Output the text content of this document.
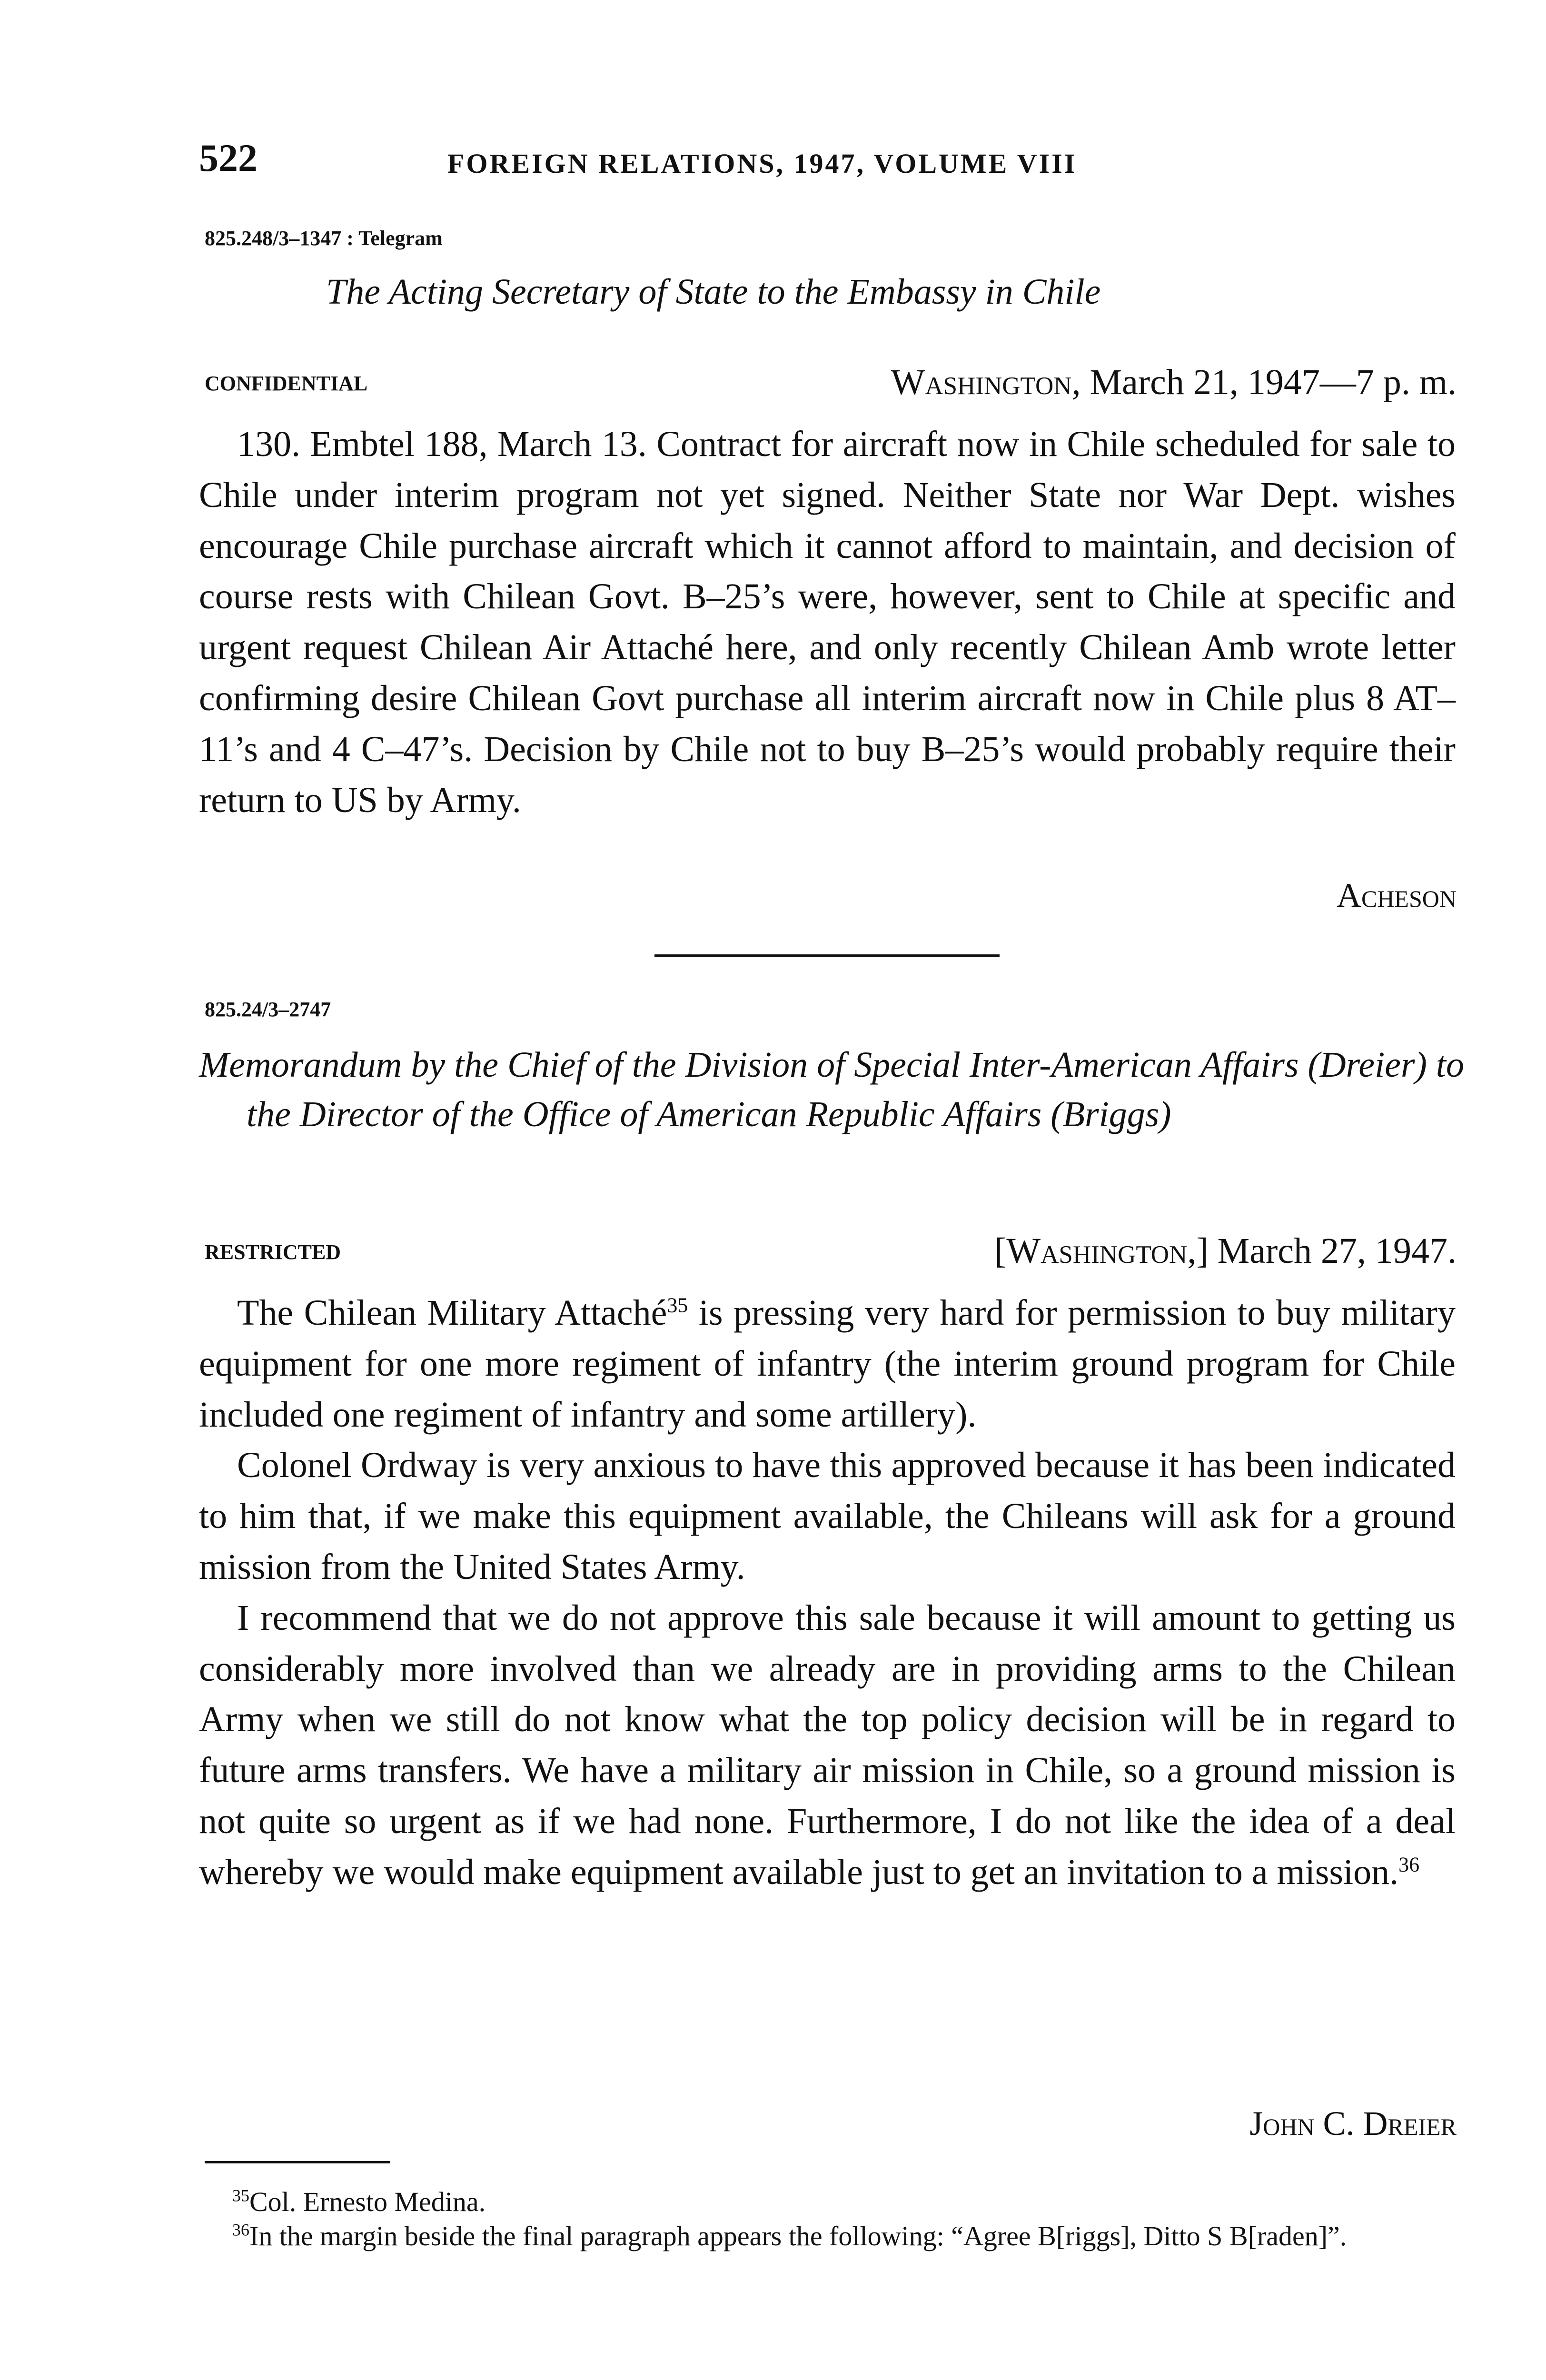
522	FOREIGN RELATIONS, 1947, VOLUME VIII
825.248/3–1347 : Telegram
The Acting Secretary of State to the Embassy in Chile
CONFIDENTIAL	Washington, March 21, 1947—7 p. m.

130. Embtel 188, March 13. Contract for aircraft now in Chile scheduled for sale to Chile under interim program not yet signed. Neither State nor War Dept. wishes encourage Chile purchase aircraft which it cannot afford to maintain, and decision of course rests with Chilean Govt. B–25’s were, however, sent to Chile at specific and urgent request Chilean Air Attaché here, and only recently Chilean Amb wrote letter confirming desire Chilean Govt purchase all interim aircraft now in Chile plus 8 AT–11’s and 4 C–47’s. Decision by Chile not to buy B–25’s would probably require their return to US by Army.

Acheson
825.24/3–2747
Memorandum by the Chief of the Division of Special Inter-American Affairs (Dreier) to the Director of the Office of American Republic Affairs (Briggs)
RESTRICTED	[Washington,] March 27, 1947.

The Chilean Military Attaché$^{35}$ is pressing very hard for permission to buy military equipment for one more regiment of infantry (the interim ground program for Chile included one regiment of infantry and some artillery).

Colonel Ordway is very anxious to have this approved because it has been indicated to him that, if we make this equipment available, the Chileans will ask for a ground mission from the United States Army.

I recommend that we do not approve this sale because it will amount to getting us considerably more involved than we already are in providing arms to the Chilean Army when we still do not know what the top policy decision will be in regard to future arms transfers. We have a military air mission in Chile, so a ground mission is not quite so urgent as if we had none. Furthermore, I do not like the idea of a deal whereby we would make equipment available just to get an invitation to a mission.$^{36}$

John C. Dreier

$^{35}$Col. Ernesto Medina.

$^{36}$In the margin beside the final paragraph appears the following: “Agree B[riggs], Ditto S B[raden]”.
